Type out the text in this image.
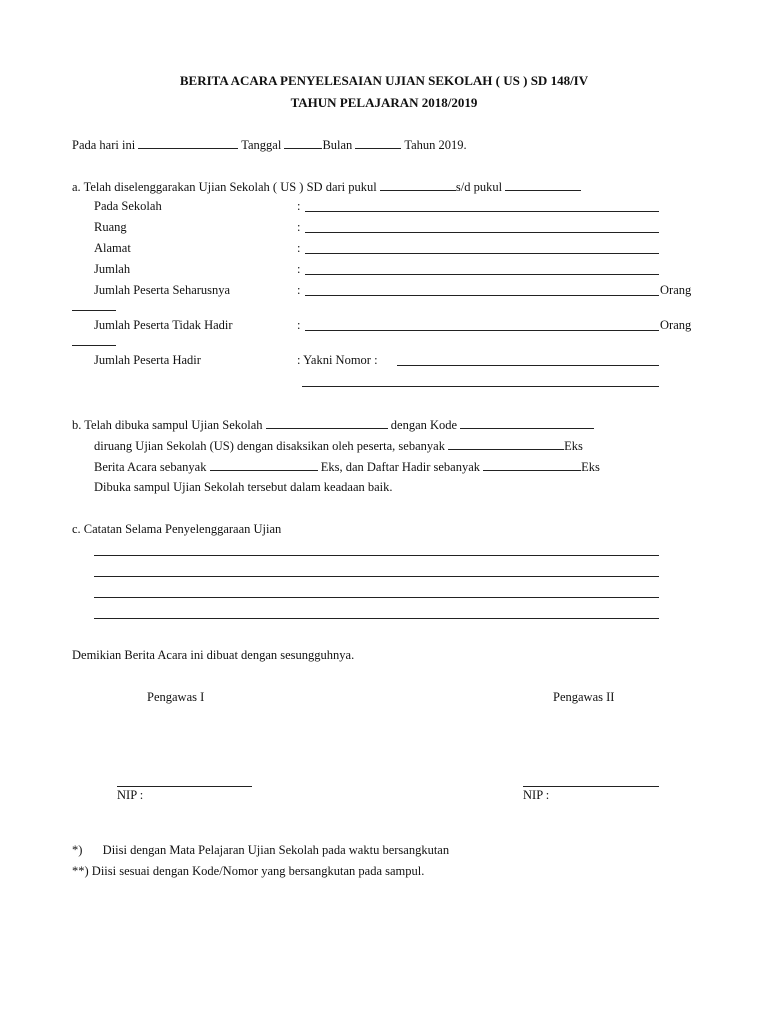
BERITA ACARA PENYELESAIAN UJIAN SEKOLAH ( US ) SD 148/IV
TAHUN PELAJARAN 2018/2019
Pada hari ini	Tanggal	Bulan	Tahun 2019.
a. Telah diselenggarakan Ujian Sekolah ( US ) SD dari pukul	s/d pukul
Pada Sekolah	:
Ruang	:
Alamat	:
Jumlah	:
Jumlah Peserta Seharusnya	:	Orang
Jumlah Peserta Tidak Hadir	:	Orang
Jumlah Peserta Hadir	: Yakni Nomor :
b. Telah dibuka sampul Ujian Sekolah	dengan Kode
diruang Ujian Sekolah (US) dengan disaksikan oleh peserta, sebanyak	Eks
Berita Acara sebanyak	Eks, dan Daftar Hadir sebanyak	Eks
Dibuka sampul Ujian Sekolah tersebut dalam keadaan baik.
c. Catatan Selama Penyelenggaraan Ujian
Demikian Berita Acara ini dibuat dengan sesungguhnya.
Pengawas I	Pengawas II
NIP :	NIP :
*) Diisi dengan Mata Pelajaran Ujian Sekolah pada waktu bersangkutan
**) Diisi sesuai dengan Kode/Nomor yang bersangkutan pada sampul.
